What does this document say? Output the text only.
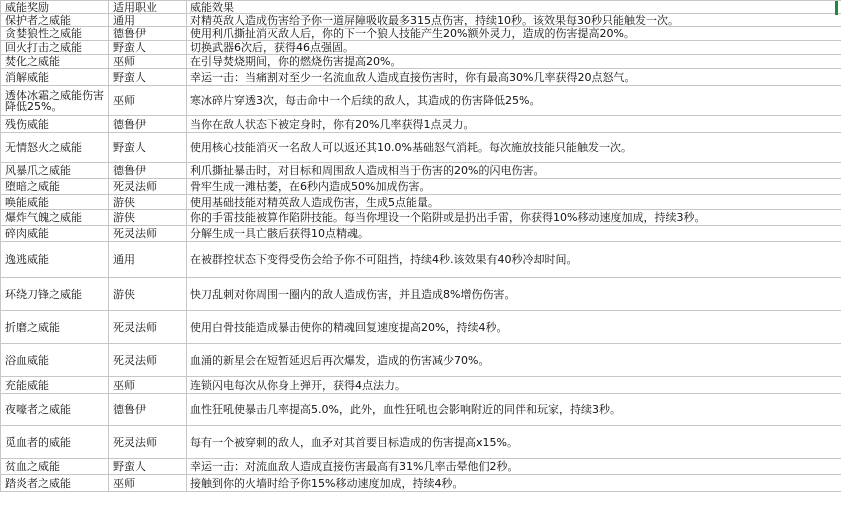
威能奖励	适用职业	威能效果
保护者之威能	通用	对精英敌人造成伤害给予你一道屏障吸收最多315点伤害，持续10秒。该效果每30秒只能触发一次。
贪婪狼性之威能	德鲁伊	使用利爪撕扯消灭敌人后，你的下一个狼人技能产生20%额外灵力，造成的伤害提高20%。
回火打击之威能	野蛮人	切换武器6次后，获得46点强固。
焚化之威能	巫师	在引导焚烧期间，你的燃烧伤害提高20%。
消解威能	野蛮人	幸运一击：当痛割对至少一名流血敌人造成直接伤害时，你有最高30%几率获得20点怒气。
透体冰霜之威能伤害降低25%。	巫师	寒冰碎片穿透3次，每击命中一个后续的敌人，其造成的伤害降低25%。
残伤威能	德鲁伊	当你在敌人状态下被定身时，你有20%几率获得1点灵力。
无情怒火之威能	野蛮人	使用核心技能消灭一名敌人可以返还其10.0%基础怒气消耗。每次施放技能只能触发一次。
风暴爪之威能	德鲁伊	利爪撕扯暴击时，对目标和周围敌人造成相当于伤害的20%的闪电伤害。
堕暗之威能	死灵法师	骨牢生成一滩枯萎，在6秒内造成50%加成伤害。
唤能威能	游侠	使用基础技能对精英敌人造成伤害，生成5点能量。
爆炸气魄之威能	游侠	你的手雷技能被算作陷阱技能。每当你埋设一个陷阱或是扔出手雷，你获得10%移动速度加成，持续3秒。
碎肉威能	死灵法师	分解生成一具亡骸后获得10点精魂。
逸逃威能	通用	在被群控状态下变得受伤会给予你不可阻挡，持续4秒.该效果有40秒冷却时间。
环绕刀锋之威能	游侠	快刀乱刺对你周围一圈内的敌人造成伤害，并且造成8%增伤伤害。
折磨之威能	死灵法师	使用白骨技能造成暴击使你的精魂回复速度提高20%，持续4秒。
浴血威能	死灵法师	血涌的新星会在短暂延迟后再次爆发，造成的伤害减少70%。
充能威能	巫师	连锁闪电每次从你身上弹开，获得4点法力。
夜嚎者之威能	德鲁伊	血性狂吼使暴击几率提高5.0%，此外，血性狂吼也会影响附近的同伴和玩家，持续3秒。
觅血者的威能	死灵法师	每有一个被穿刺的敌人，血矛对其首要目标造成的伤害提高x15%。
贫血之威能	野蛮人	幸运一击：对流血敌人造成直接伤害最高有31%几率击晕他们2秒。
踏炎者之威能	巫师	接触到你的火墙时给予你15%移动速度加成，持续4秒。
